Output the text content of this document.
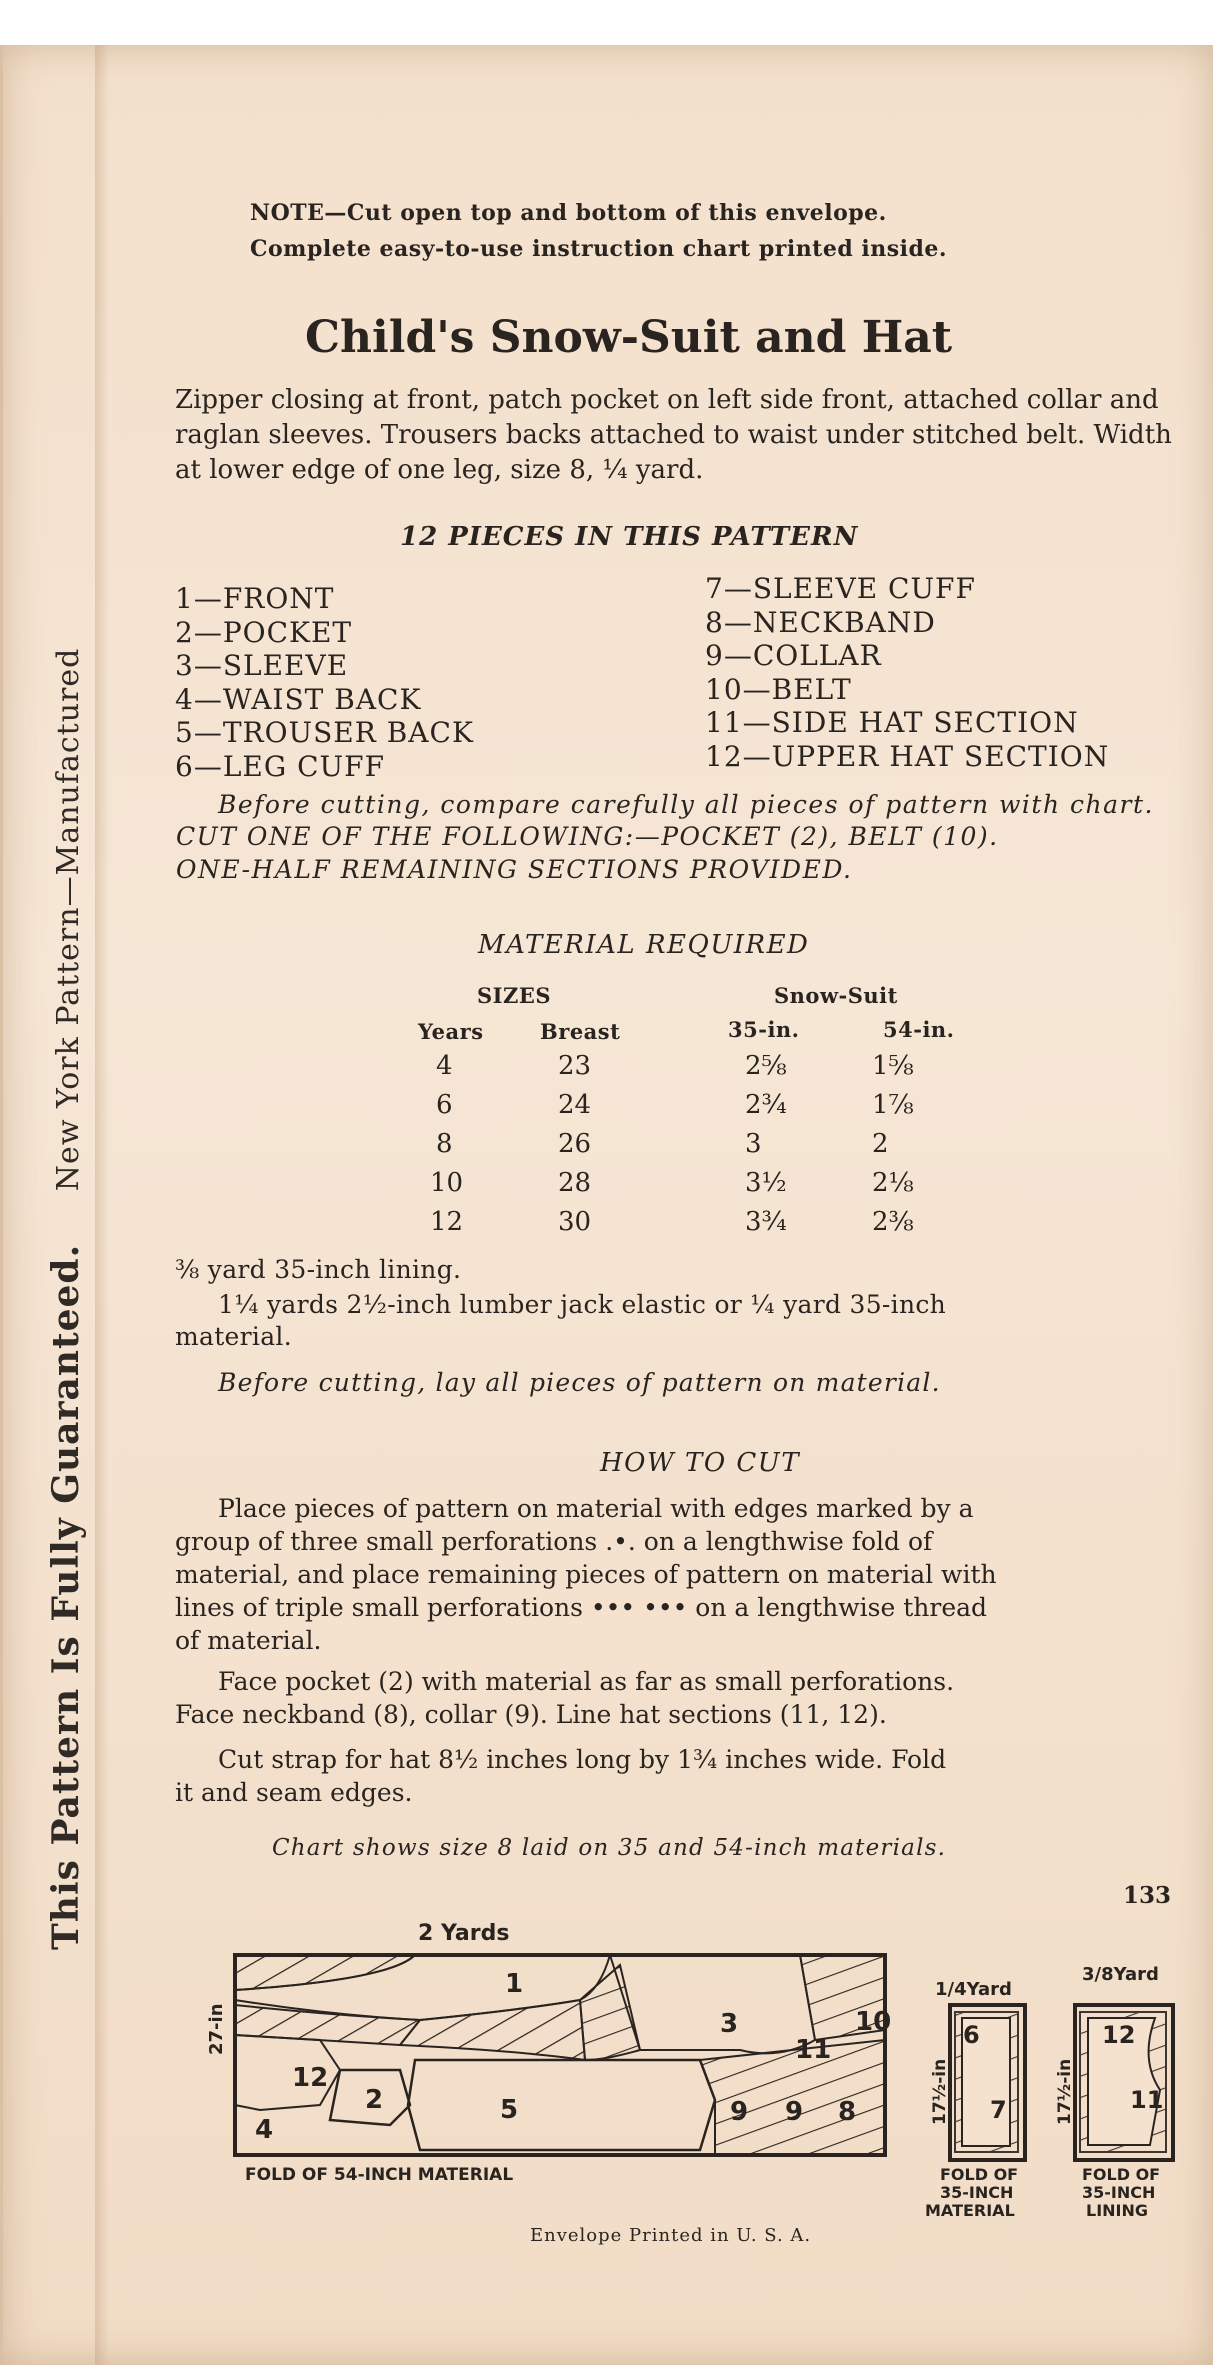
This Pattern Is Fully Guaranteed.     New York Pattern—Manufactured
NOTE—Cut open top and bottom of this envelope.
Complete easy-to-use instruction chart printed inside.
Child's Snow-Suit and Hat
Zipper closing at front, patch pocket on left side front, attached collar and raglan sleeves. Trousers backs attached to waist under stitched belt. Width at lower edge of one leg, size 8, ¼ yard.
12 PIECES IN THIS PATTERN
1—FRONT
2—POCKET
3—SLEEVE
4—WAIST BACK
5—TROUSER BACK
6—LEG CUFF
7—SLEEVE CUFF
8—NECKBAND
9—COLLAR
10—BELT
11—SIDE HAT SECTION
12—UPPER HAT SECTION
Before cutting, compare carefully all pieces of pattern with chart.
CUT ONE OF THE FOLLOWING:—POCKET (2), BELT (10).
ONE-HALF REMAINING SECTIONS PROVIDED.
MATERIAL REQUIRED
SIZES	Snow-Suit
Years	Breast	35-in.	54-in.
4	23	2⅝	1⅝
6	24	2¾	1⅞
8	26	3	2
10	28	3½	2⅛
12	30	3¾	2⅜
⅜ yard 35-inch lining.
1¼ yards 2½-inch lumber jack elastic or ¼ yard 35-inch
material.
Before cutting, lay all pieces of pattern on material.
HOW TO CUT
Place pieces of pattern on material with edges marked by a
group of three small perforations .•. on a lengthwise fold of
material, and place remaining pieces of pattern on material with
lines of triple small perforations ••• ••• on a lengthwise thread
of material.
Face pocket (2) with material as far as small perforations.
Face neckband (8), collar (9). Line hat sections (11, 12).
Cut strap for hat 8½ inches long by 1¾ inches wide. Fold
it and seam edges.
Chart shows size 8 laid on 35 and 54-inch materials.
133
2 Yards
27-in
1
3	10
11
12
2
4
5	9 9 8
FOLD OF 54-INCH MATERIAL
1/4Yard
17½-in
6
7
FOLD OF
35-INCH
MATERIAL
3/8Yard
17½-in
12
11
FOLD OF
35-INCH
LINING
Envelope Printed in U. S. A.
